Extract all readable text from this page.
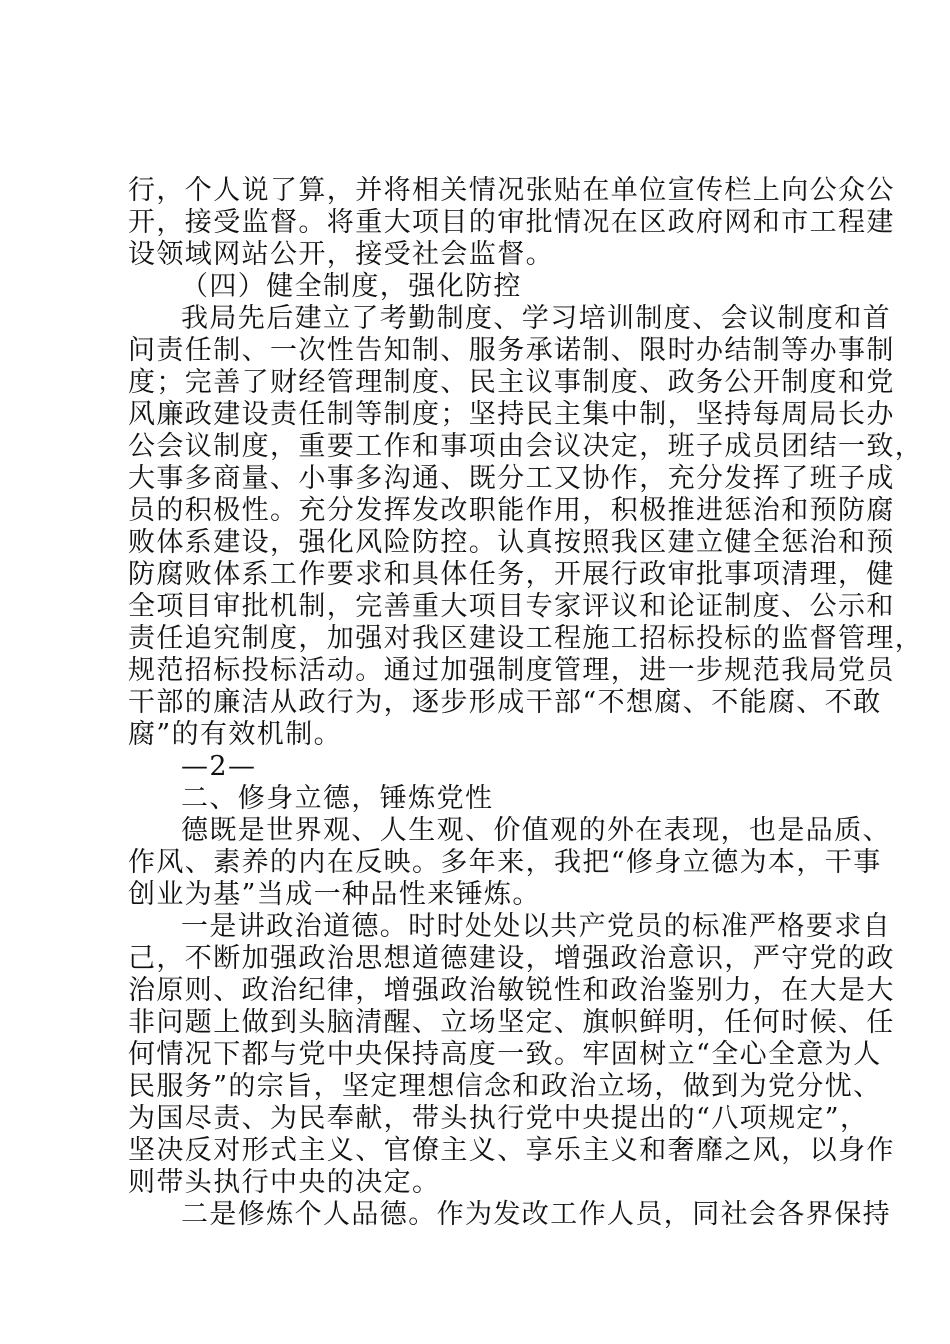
行，个人说了算，并将相关情况张贴在单位宣传栏上向公众公
开，接受监督。将重大项目的审批情况在区政府网和市工程建
设领域网站公开，接受社会监督。
（四）健全制度，强化防控
我局先后建立了考勤制度、学习培训制度、会议制度和首
问责任制、一次性告知制、服务承诺制、限时办结制等办事制
度；完善了财经管理制度、民主议事制度、政务公开制度和党
风廉政建设责任制等制度；坚持民主集中制，坚持每周局长办
公会议制度，重要工作和事项由会议决定，班子成员团结一致，
大事多商量、小事多沟通、既分工又协作，充分发挥了班子成
员的积极性。充分发挥发改职能作用，积极推进惩治和预防腐
败体系建设，强化风险防控。认真按照我区建立健全惩治和预
防腐败体系工作要求和具体任务，开展行政审批事项清理，健
全项目审批机制，完善重大项目专家评议和论证制度、公示和
责任追究制度，加强对我区建设工程施工招标投标的监督管理，
规范招标投标活动。通过加强制度管理，进一步规范我局党员
干部的廉洁从政行为，逐步形成干部“不想腐、不能腐、不敢
腐”的有效机制。
—2—
二、修身立德，锤炼党性
德既是世界观、人生观、价值观的外在表现，也是品质、
作风、素养的内在反映。多年来，我把“修身立德为本，干事
创业为基”当成一种品性来锤炼。
一是讲政治道德。时时处处以共产党员的标准严格要求自
己，不断加强政治思想道德建设，增强政治意识，严守党的政
治原则、政治纪律，增强政治敏锐性和政治鉴别力，在大是大
非问题上做到头脑清醒、立场坚定、旗帜鲜明，任何时候、任
何情况下都与党中央保持高度一致。牢固树立“全心全意为人
民服务”的宗旨，坚定理想信念和政治立场，做到为党分忧、
为国尽责、为民奉献，带头执行党中央提出的“八项规定”，
坚决反对形式主义、官僚主义、享乐主义和奢靡之风，以身作
则带头执行中央的决定。
二是修炼个人品德。作为发改工作人员，同社会各界保持
